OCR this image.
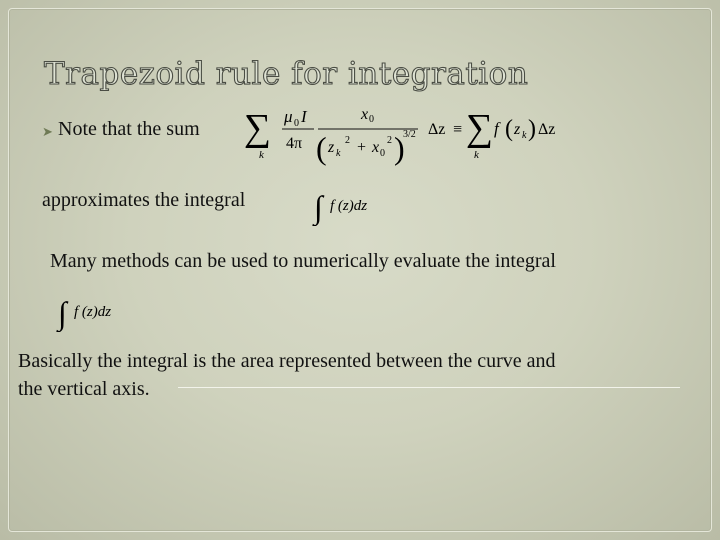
Trapezoid rule for integration
➤ Note that the sum ∑
k
μ 0 I
4π
x 0
( z k
2 + x 0
2 )
3/2 Δz ≡ ∑
k
f ( z k ) Δz
approximates the integral ∫ f (z)dz
Many methods can be used to numerically evaluate the integral
∫ f (z)dz
Basically the integral is the area represented between the curve and
the vertical axis.
